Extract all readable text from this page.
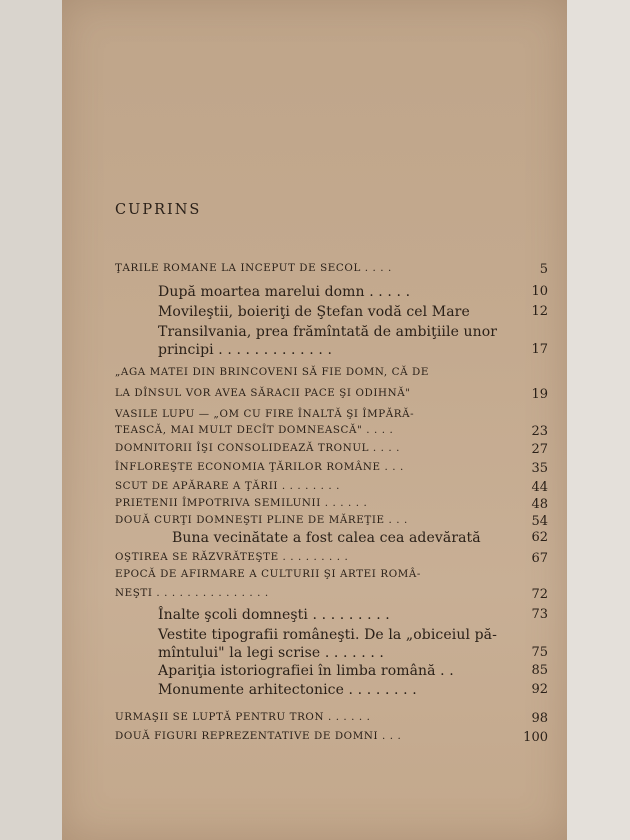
CUPRINS
ŢARILE ROMANE LA INCEPUT DE SECOL . . . .	5
După moartea marelui domn . . . . .	10
Movileştii, boieriţi de Ştefan vodă cel Mare	12
Transilvania, prea frămîntată de ambiţiile unor
principi . . . . . . . . . . . . .	17
„AGA MATEI DIN BRINCOVENI SĂ FIE DOMN, CĂ DE
LA DÎNSUL VOR AVEA SĂRACII PACE ŞI ODIHNĂ"	19
VASILE LUPU — „OM CU FIRE ÎNALTĂ ŞI ÎMPĂRĂ-
TEASCĂ, MAI MULT DECÎT DOMNEASCĂ" . . . .	23
DOMNITORII ÎŞI CONSOLIDEAZĂ TRONUL . . . .	27
ÎNFLOREŞTE ECONOMIA ŢĂRILOR ROMÂNE . . .	35
SCUT DE APĂRARE A ŢĂRII . . . . . . . .	44
PRIETENII ÎMPOTRIVA SEMILUNII . . . . . .	48
DOUĂ CURŢI DOMNEŞTI PLINE DE MĂREŢIE . . .	54
Buna vecinătate a fost calea cea adevărată	62
OŞTIREA SE RĂZVRĂTEŞTE . . . . . . . . .	67
EPOCĂ DE AFIRMARE A CULTURII ŞI ARTEI ROMÂ-
NEŞTI . . . . . . . . . . . . . . .	72
Înalte şcoli domneşti . . . . . . . . .	73
Vestite tipografii româneşti. De la „obiceiul pă-
mîntului" la legi scrise . . . . . . .	75
Apariţia istoriografiei în limba română . .	85
Monumente arhitectonice . . . . . . . .	92
URMAŞII SE LUPTĂ PENTRU TRON . . . . . .	98
DOUĂ FIGURI REPREZENTATIVE DE DOMNI . . .	100
